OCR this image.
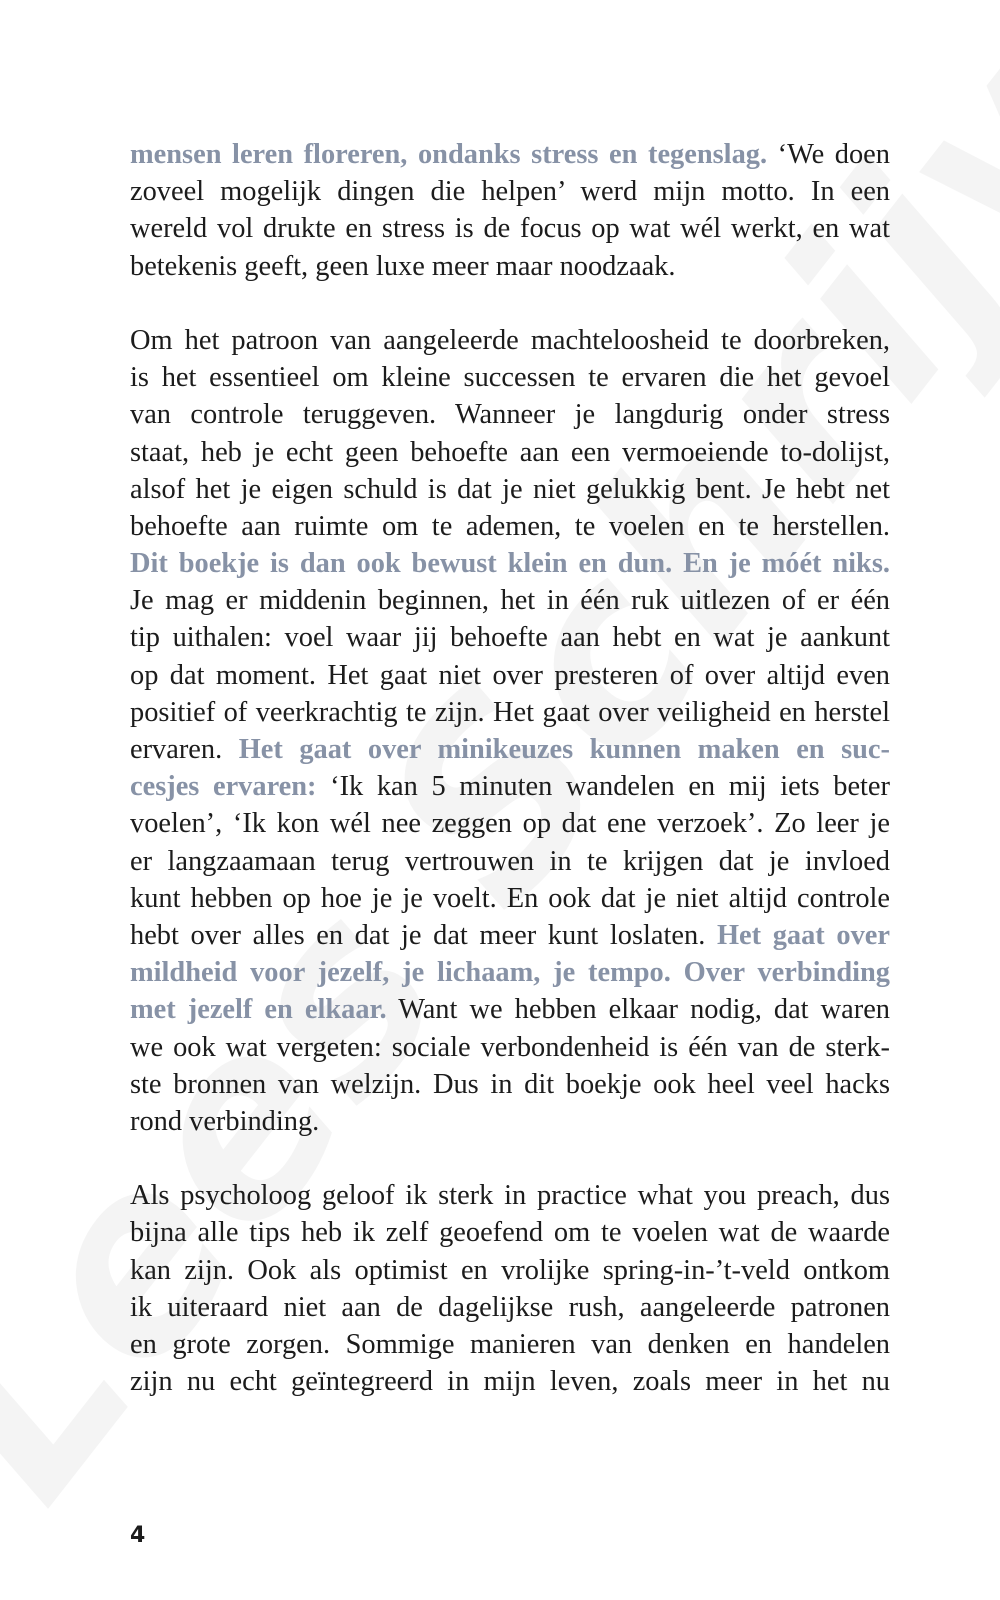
mensen leren floreren, ondanks stress en tegenslag. ‘We doen
zoveel mogelijk dingen die helpen’ werd mijn motto. In een
wereld vol drukte en stress is de focus op wat wél werkt, en wat
betekenis geeft, geen luxe meer maar noodzaak.
Om het patroon van aangeleerde machteloosheid te doorbreken,
is het essentieel om kleine successen te ervaren die het gevoel
van controle teruggeven. Wanneer je langdurig onder stress
staat, heb je echt geen behoefte aan een vermoeiende to-dolijst,
alsof het je eigen schuld is dat je niet gelukkig bent. Je hebt net
behoefte aan ruimte om te ademen, te voelen en te herstellen.
Dit boekje is dan ook bewust klein en dun. En je móét niks.
Je mag er middenin beginnen, het in één ruk uitlezen of er één
tip uithalen: voel waar jij behoefte aan hebt en wat je aankunt
op dat moment. Het gaat niet over presteren of over altijd even
positief of veerkrachtig te zijn. Het gaat over veiligheid en herstel
ervaren. Het gaat over minikeuzes kunnen maken en suc-
cesjes ervaren: ‘Ik kan 5 minuten wandelen en mij iets beter
voelen’, ‘Ik kon wél nee zeggen op dat ene verzoek’. Zo leer je
er langzaamaan terug vertrouwen in te krijgen dat je invloed
kunt hebben op hoe je je voelt. En ook dat je niet altijd controle
hebt over alles en dat je dat meer kunt loslaten. Het gaat over
mildheid voor jezelf, je lichaam, je tempo. Over verbinding
met jezelf en elkaar. Want we hebben elkaar nodig, dat waren
we ook wat vergeten: sociale verbondenheid is één van de sterk-
ste bronnen van welzijn. Dus in dit boekje ook heel veel hacks
rond verbinding.
Als psycholoog geloof ik sterk in practice what you preach, dus
bijna alle tips heb ik zelf geoefend om te voelen wat de waarde
kan zijn. Ook als optimist en vrolijke spring-in-’t-veld ontkom
ik uiteraard niet aan de dagelijkse rush, aangeleerde patronen
en grote zorgen. Sommige manieren van denken en handelen
zijn nu echt geïntegreerd in mijn leven, zoals meer in het nu
4
